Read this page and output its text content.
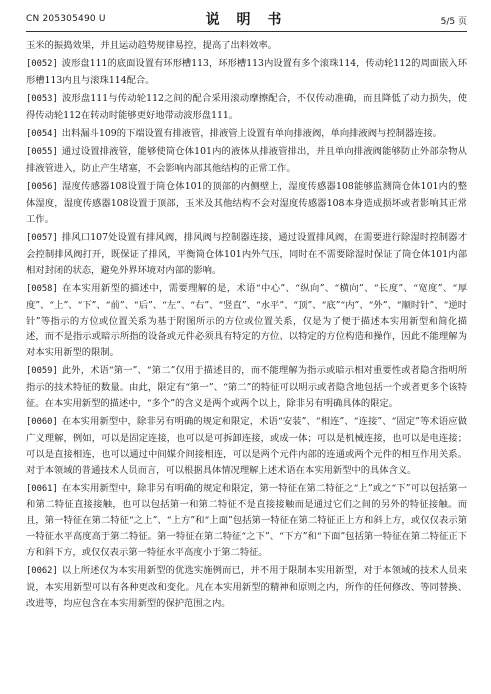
CN 205305490 U	说 明 书	5/5 页

玉米的振捣效果，并且运动趋势规律易控，提高了出料效率。

[0052] 波形盘111的底面设置有环形槽113，环形槽113内设置有多个滚珠114，传动轮112的周面嵌入环形槽113内且与滚珠114配合。

[0053] 波形盘111与传动轮112之间的配合采用滚动摩擦配合，不仅传动准确，而且降低了动力损失，使得传动轮112在转动时能够更好地带动波形盘111。

[0054] 出料漏斗109的下端设置有排液管，排液管上设置有单向排液阀，单向排液阀与控制器连接。

[0055] 通过设置排液管，能够使筒仓体101内的液体从排液管排出，并且单向排液阀能够防止外部杂物从排液管进入，防止产生堵塞，不会影响内部其他结构的正常工作。

[0056] 湿度传感器108设置于筒仓体101的顶部的内侧壁上，湿度传感器108能够监测筒仓体101内的整体湿度，湿度传感器108设置于顶部，玉米及其他结构不会对湿度传感器108本身造成损坏或者影响其正常工作。

[0057] 排风口107处设置有排风阀，排风阀与控制器连接，通过设置排风阀，在需要进行除湿时控制器才会控制排风阀打开，既保证了排风，平衡筒仓体101内外气压，同时在不需要除湿时保证了筒仓体101内部相对封闭的状态，避免外界环境对内部的影响。

[0058] 在本实用新型的描述中，需要理解的是，术语“中心”、“纵向”、“横向”、“长度”、“宽度”、“厚度”、“上”、“下”、“前”、“后”、“左”、“右”、“竖直”、“水平”、“顶”、“底”“内”、“外”、“顺时针”、“逆时针”等指示的方位或位置关系为基于附图所示的方位或位置关系，仅是为了便于描述本实用新型和简化描述，而不是指示或暗示所指的设备或元件必须具有特定的方位、以特定的方位构造和操作，因此不能理解为对本实用新型的限制。

[0059] 此外，术语“第一”、“第二”仅用于描述目的，而不能理解为指示或暗示相对重要性或者隐含指明所指示的技术特征的数量。由此，限定有“第一”、“第二”的特征可以明示或者隐含地包括一个或者更多个该特征。在本实用新型的描述中，“多个”的含义是两个或两个以上，除非另有明确具体的限定。

[0060] 在本实用新型中，除非另有明确的规定和限定，术语“安装”、“相连”、“连接”、“固定”等术语应做广义理解，例如，可以是固定连接，也可以是可拆卸连接，或成一体；可以是机械连接，也可以是电连接；可以是直接相连，也可以通过中间媒介间接相连，可以是两个元件内部的连通或两个元件的相互作用关系。对于本领域的普通技术人员而言，可以根据具体情况理解上述术语在本实用新型中的具体含义。

[0061] 在本实用新型中，除非另有明确的规定和限定，第一特征在第二特征之“上”或之“下”可以包括第一和第二特征直接接触，也可以包括第一和第二特征不是直接接触而是通过它们之间的另外的特征接触。而且，第一特征在第二特征“之上”、“上方”和“上面”包括第一特征在第二特征正上方和斜上方，或仅仅表示第一特征水平高度高于第二特征。第一特征在第二特征“之下”、“下方”和“下面”包括第一特征在第二特征正下方和斜下方，或仅仅表示第一特征水平高度小于第二特征。

[0062] 以上所述仅为本实用新型的优选实施例而已，并不用于限制本实用新型，对于本领域的技术人员来说，本实用新型可以有各种更改和变化。凡在本实用新型的精神和原则之内，所作的任何修改、等同替换、改进等，均应包含在本实用新型的保护范围之内。
